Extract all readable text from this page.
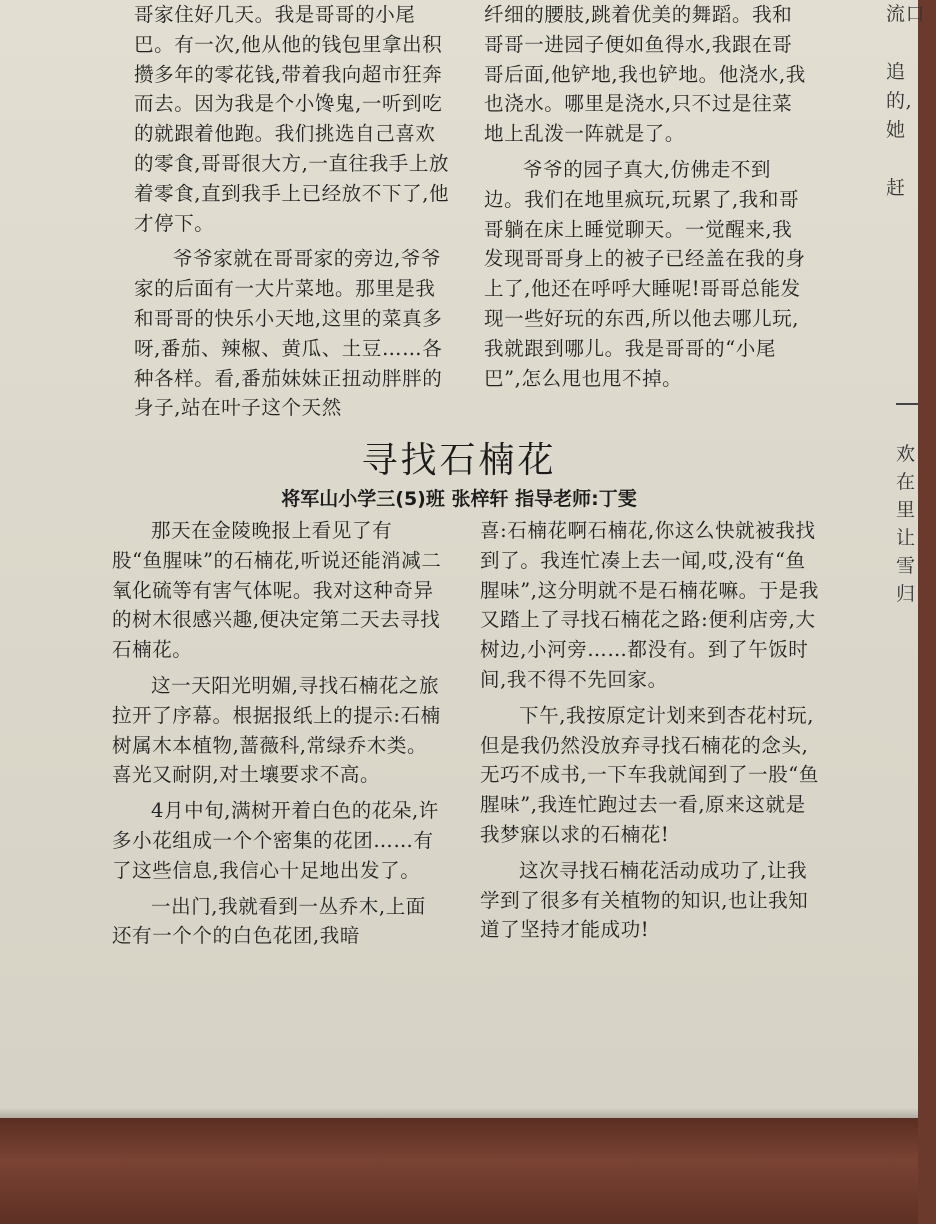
哥家住好几天。我是哥哥的小尾巴。有一次,他从他的钱包里拿出积攒多年的零花钱,带着我向超市狂奔而去。因为我是个小馋鬼,一听到吃的就跟着他跑。我们挑选自己喜欢的零食,哥哥很大方,一直往我手上放着零食,直到我手上已经放不下了,他才停下。

爷爷家就在哥哥家的旁边,爷爷家的后面有一大片菜地。那里是我和哥哥的快乐小天地,这里的菜真多呀,番茄、辣椒、黄瓜、土豆……各种各样。看,番茄妹妹正扭动胖胖的身子,站在叶子这个天然

纤细的腰肢,跳着优美的舞蹈。我和哥哥一进园子便如鱼得水,我跟在哥哥后面,他铲地,我也铲地。他浇水,我也浇水。哪里是浇水,只不过是往菜地上乱泼一阵就是了。

爷爷的园子真大,仿佛走不到边。我们在地里疯玩,玩累了,我和哥哥躺在床上睡觉聊天。一觉醒来,我发现哥哥身上的被子已经盖在我的身上了,他还在呼呼大睡呢!哥哥总能发现一些好玩的东西,所以他去哪儿玩,我就跟到哪儿。我是哥哥的“小尾巴”,怎么甩也甩不掉。

流口

追
的,
她

赶
欢
在
里
让
雪
归
寻找石楠花
将军山小学三(5)班 张梓轩 指导老师:丁雯

那天在金陵晚报上看见了有股“鱼腥味”的石楠花,听说还能消减二氧化硫等有害气体呢。我对这种奇异的树木很感兴趣,便决定第二天去寻找石楠花。

这一天阳光明媚,寻找石楠花之旅拉开了序幕。根据报纸上的提示:石楠树属木本植物,蔷薇科,常绿乔木类。喜光又耐阴,对土壤要求不高。

4月中旬,满树开着白色的花朵,许多小花组成一个个密集的花团……有了这些信息,我信心十足地出发了。

一出门,我就看到一丛乔木,上面还有一个个的白色花团,我暗

喜:石楠花啊石楠花,你这么快就被我找到了。我连忙凑上去一闻,哎,没有“鱼腥味”,这分明就不是石楠花嘛。于是我又踏上了寻找石楠花之路:便利店旁,大树边,小河旁……都没有。到了午饭时间,我不得不先回家。

下午,我按原定计划来到杏花村玩,但是我仍然没放弃寻找石楠花的念头,无巧不成书,一下车我就闻到了一股“鱼腥味”,我连忙跑过去一看,原来这就是我梦寐以求的石楠花!

这次寻找石楠花活动成功了,让我学到了很多有关植物的知识,也让我知道了坚持才能成功!
